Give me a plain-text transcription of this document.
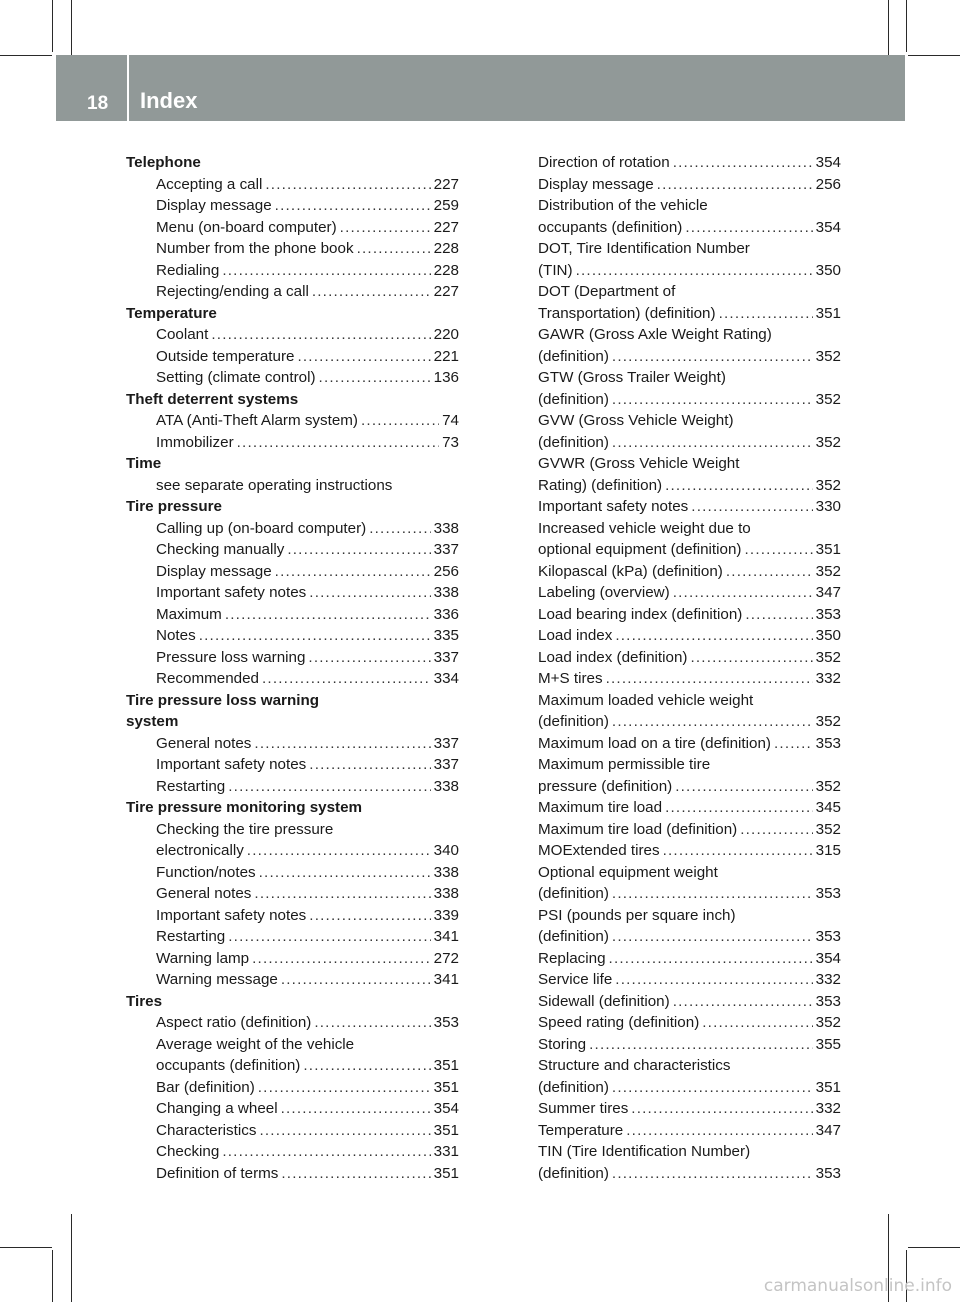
18 Index
Telephone
Accepting a call .....	227
Display message .....	259
Menu (on-board computer) .....	227
Number from the phone book .....	228
Redialing .....	228
Rejecting/ending a call .....	227
Temperature
Coolant .....	220
Outside temperature .....	221
Setting (climate control) .....	136
Theft deterrent systems
ATA (Anti-Theft Alarm system) .....	74
Immobilizer .....	73
Time
see separate operating instructions
Tire pressure
Calling up (on-board computer) .....	338
Checking manually .....	337
Display message .....	256
Important safety notes .....	338
Maximum .....	336
Notes .....	335
Pressure loss warning .....	337
Recommended .....	334
Tire pressure loss warning
system
General notes .....	337
Important safety notes .....	337
Restarting .....	338
Tire pressure monitoring system
Checking the tire pressure
electronically .....	340
Function/notes .....	338
General notes .....	338
Important safety notes .....	339
Restarting .....	341
Warning lamp .....	272
Warning message .....	341
Tires
Aspect ratio (definition) .....	353
Average weight of the vehicle
occupants (definition) .....	351
Bar (definition) .....	351
Changing a wheel .....	354
Characteristics .....	351
Checking .....	331
Definition of terms .....	351
Direction of rotation .....	354
Display message .....	256
Distribution of the vehicle
occupants (definition) .....	354
DOT, Tire Identification Number
(TIN) .....	350
DOT (Department of
Transportation) (definition) .....	351
GAWR (Gross Axle Weight Rating)
(definition) .....	352
GTW (Gross Trailer Weight)
(definition) .....	352
GVW (Gross Vehicle Weight)
(definition) .....	352
GVWR (Gross Vehicle Weight
Rating) (definition) .....	352
Important safety notes .....	330
Increased vehicle weight due to
optional equipment (definition) .....	351
Kilopascal (kPa) (definition) .....	352
Labeling (overview) .....	347
Load bearing index (definition) .....	353
Load index .....	350
Load index (definition) .....	352
M+S tires .....	332
Maximum loaded vehicle weight
(definition) .....	352
Maximum load on a tire (definition) .....	353
Maximum permissible tire
pressure (definition) .....	352
Maximum tire load .....	345
Maximum tire load (definition) .....	352
MOExtended tires .....	315
Optional equipment weight
(definition) .....	353
PSI (pounds per square inch)
(definition) .....	353
Replacing .....	354
Service life .....	332
Sidewall (definition) .....	353
Speed rating (definition) .....	352
Storing .....	355
Structure and characteristics
(definition) .....	351
Summer tires .....	332
Temperature .....	347
TIN (Tire Identification Number)
(definition) .....	353
carmanualsonline.info
